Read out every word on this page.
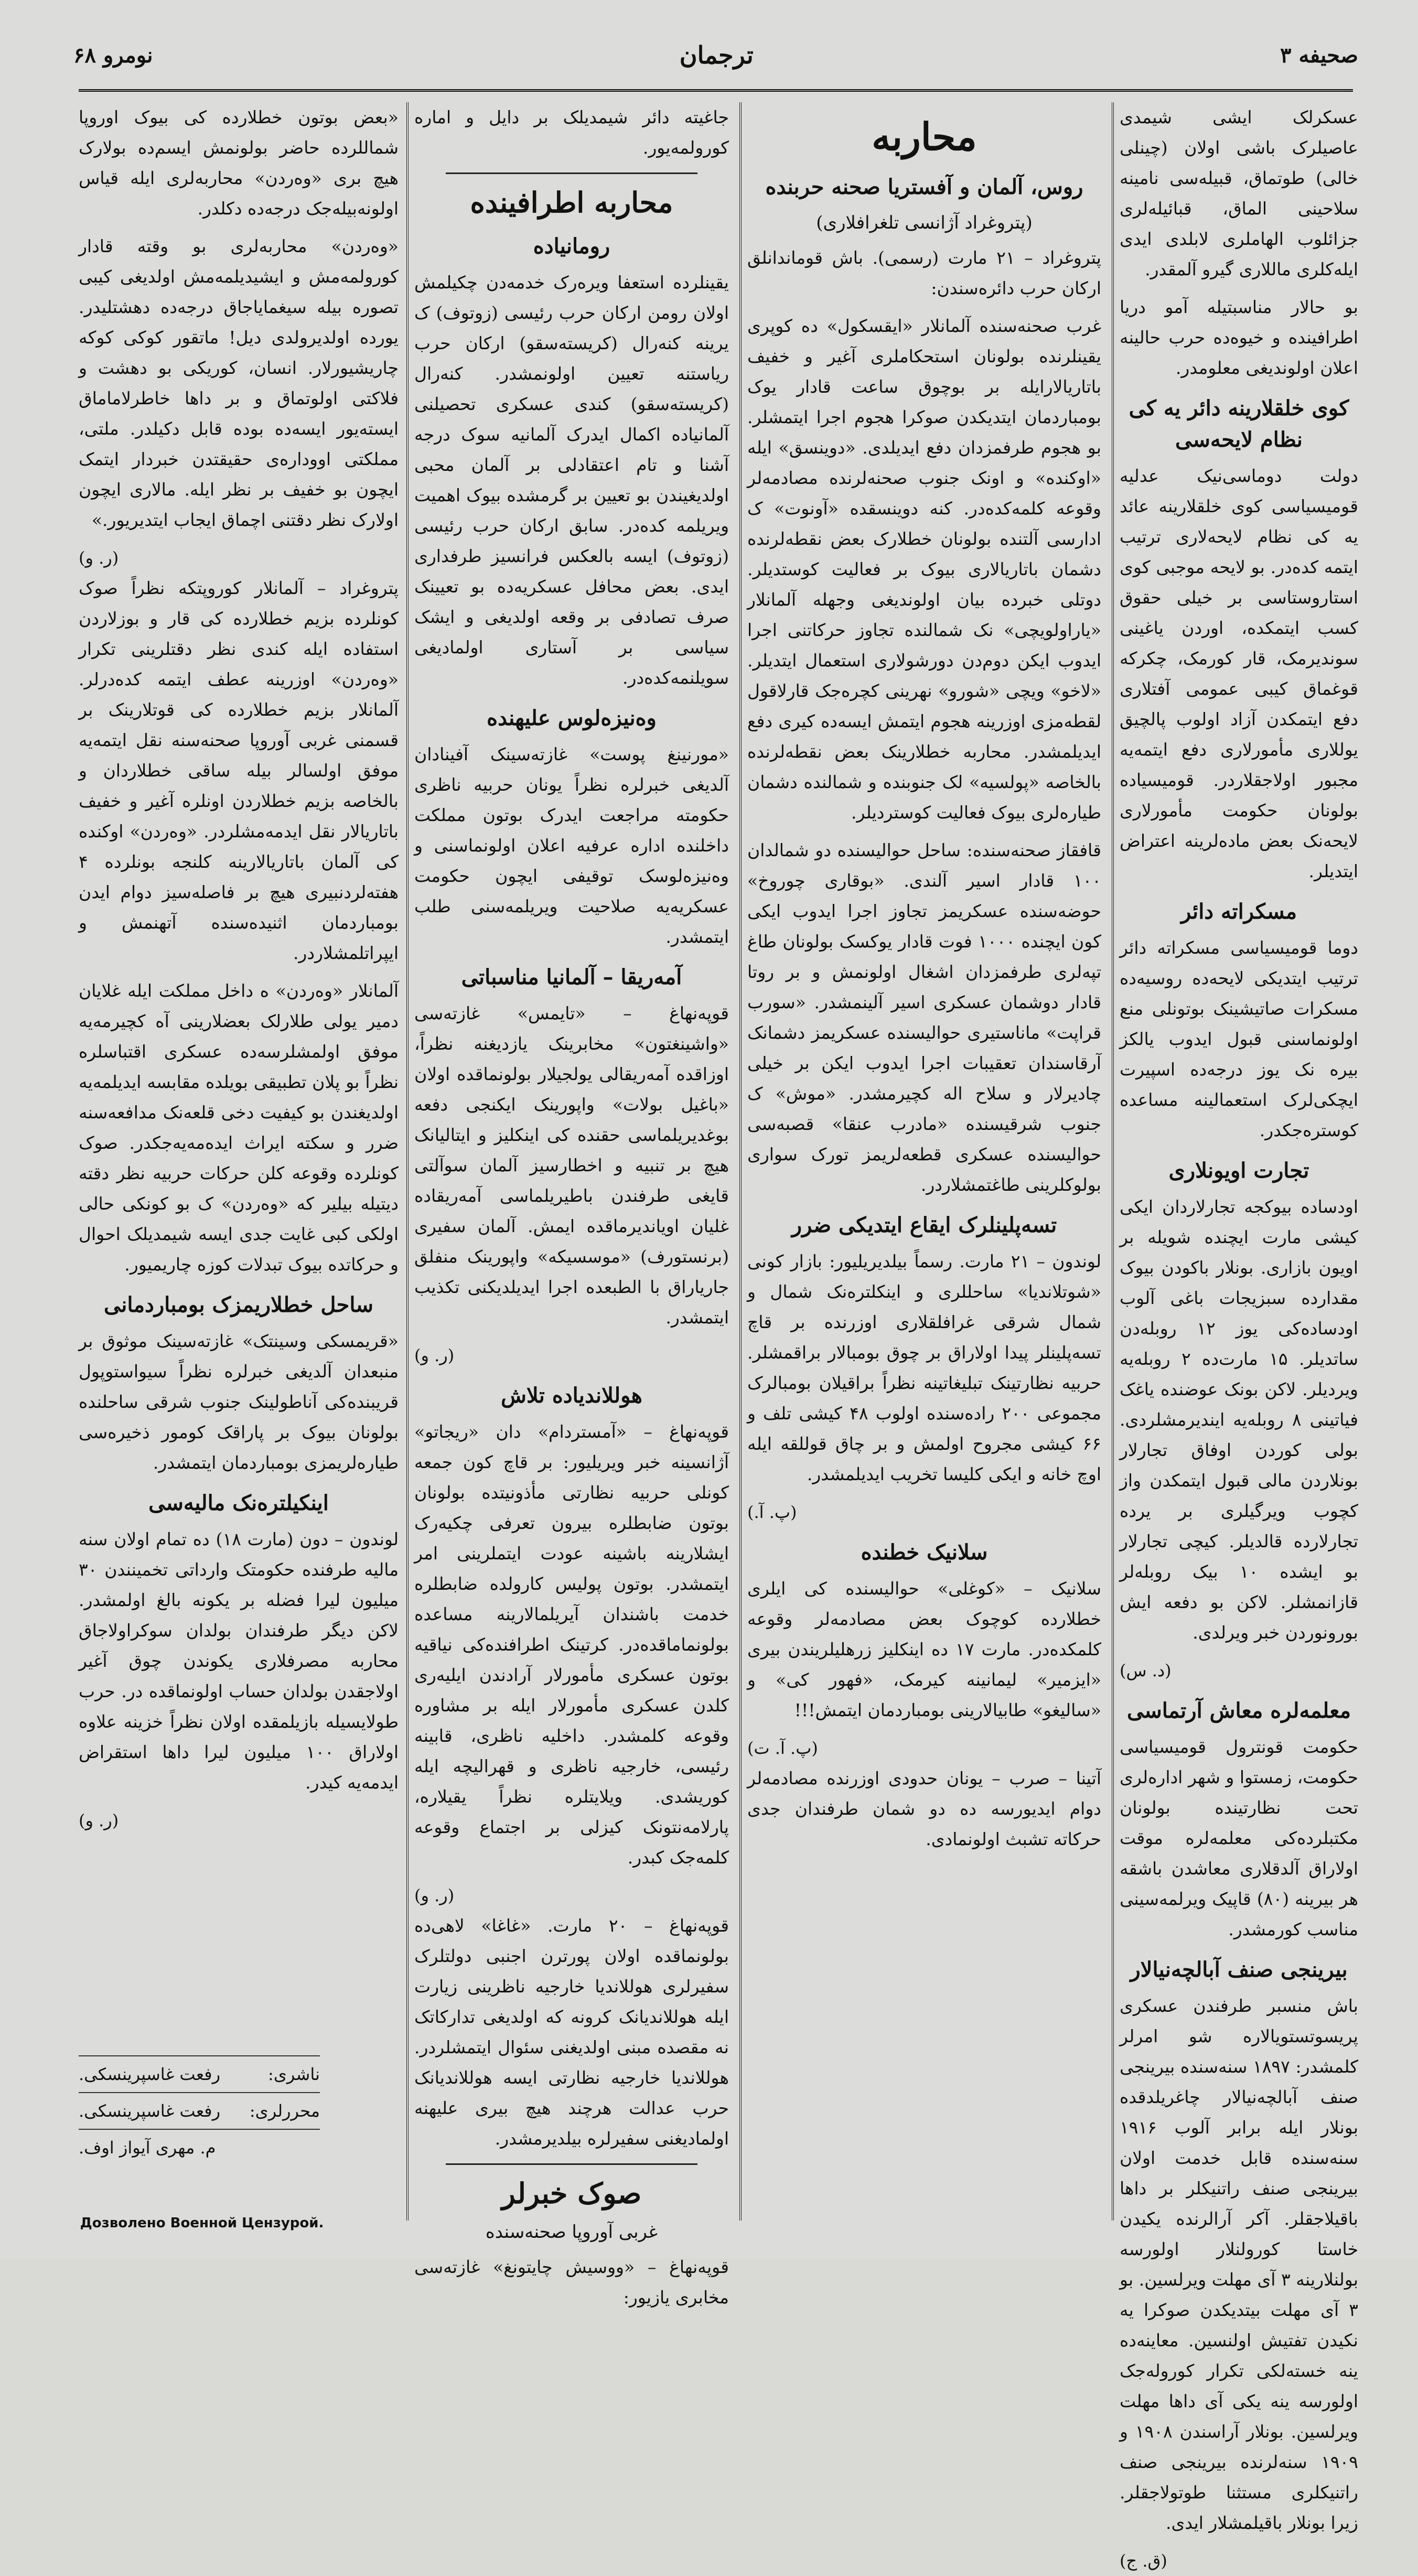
صحیفه ۳
ترجمان
نومرو ۶۸

عسکرلک ایشی شیمدی عاصیلرک باشی اولان (چینلی خالی) طوتماق، قبیله‌سی نامینه سلاحینی الماق، قبائیله‌لری جزائلوب الهاملری لابلدی ایدی ایله‌کلری ماللاری گیرو آلمقدر.

بو حالار مناسبتیله آمو دریا اطرافینده و خیوه‌ده حرب حالینه اعلان اولوندیغی معلومدر.

کوی خلقلارینه دائر یه کی نظام لایحه‌سی

دولت دوماسی‌نیک عدلیه قومیسیاسی کوی خلقلارینه عائد یه کی نظام لایحه‌لاری ترتیب ایتمه کده‌در. بو لایحه موجبی کوی استاروستاسی بر خیلی حقوق کسب ایتمکده، اوردن یاغینی سوندیرمک، قار کورمک، چکرکه قوغماق کیبی عمومی آفتلاری دفع ایتمکدن آزاد اولوب پالچیق یوللاری مأمورلاری دفع ایتمه‌یه مجبور اولاجقلاردر. قومیسیاده بولونان حکومت مأمورلاری لایحه‌نک بعض ماده‌لرینه اعتراض ایتدیلر.

مسکراته دائر

دوما قومیسیاسی مسکراته دائر ترتیب ایتدیکی لایحه‌ده روسیه‌ده مسکرات صاتیشینک بوتونلی منع اولونماسنی قبول ایدوب یالکز بیره نک یوز درجه‌ده اسپیرت ایچکی‌لرک استعمالینه مساعده کوستره‌جکدر.

تجارت اویونلاری

اودساده بیوکجه تجارلاردان ایکی کیشی مارت ایچنده شویله بر اویون بازاری. بونلار باکو‌دن بیوک مقدارده سبزیجات باغی آلوب اودساده‌کی یوز ۱۲ روبله‌دن ساتدیلر. ۱۵ مارت‌ده ۲ روبله‌یه ویردیلر. لاکن بونک عوضنده یاغک فیاتینی ۸ روبله‌یه ایندیرمشلردی. بولی کوردن اوفاق تجارلار بونلاردن مالی قبول ایتمکدن واز کچوب ویرگیلری بر یرده تجارلارده قالدیلر. کیچی تجارلار بو ایشده ۱۰ بیک روبله‌لر قازانمشلر. لاکن بو دفعه ایش بورونوردن خبر ویرلدی.

(د. س)
معلمه‌لره معاش آرتماسی

حکومت قونترول قومیسیاسی حکومت، زمستوا و شهر اداره‌لری تحت نظارتینده بولونان مکتبلرده‌کی معلمه‌لره موقت اولاراق آلدقلاری معاشدن باشقه هر بیرینه (۸۰) قاپیک ویرلمه‌سینی مناسب کورمشدر.

بیرینجی صنف آبالچه‌نیالار

باش منسبر طرفندن عسکری پریسوتستویالاره شو امرلر کلمشدر: ۱۸۹۷ سنه‌سنده بیرینجی صنف آبالچه‌نیالار چاغریلدقده بونلار ایله برابر آلوب ۱۹۱۶ سنه‌سنده قابل خدمت اولان بیرینجی صنف راتنیکلر بر داها باقیلاجقلر. آکر آرالرنده یکیدن خاستا کورولنلار اولورسه بولنلارینه ۳ آی مهلت ویرلسین. بو ۳ آی مهلت بیتدیکدن صوکرا یه نکیدن تفتیش اولنسین. معاینه‌ده ینه خسته‌لکی تکرار کوروله‌جک اولورسه ینه یکی آی داها مهلت ویرلسین. بونلار آراسندن ۱۹۰۸ و ۱۹۰۹ سنه‌لرنده بیرینجی صنف راتنیکلری مستثنا طوتولاجقلر. زیرا بونلار باقیلمشلار ایدی.

(ق. ج)
محاربه
روس، آلمان و آفستریا صحنه حربنده
(پتروغراد آژانسی تلغرافلاری)

پتروغراد – ۲۱ مارت (رسمی). باش قوماندانلق ارکان حرب دائره‌سندن:

غرب صحنه‌سنده آلمانلار «ایقسکول» ده کوپری یقینلرنده بولونان استحکاملری آغیر و خفیف باتاریالارایله بر بوچوق ساعت قادار یوک بومباردمان ایتدیکدن صوکرا هجوم اجرا ایتمشلر. بو هجوم طرفمزدان دفع ایدیلدی. «دوینسق» ایله «اوکنده» و اونک جنوب صحنه‌لرنده مصادمه‌لر وقوعه کلمه‌کده‌در. کنه دوینسقده «آونوت» ک ادارسی آلتنده بولونان خطلارک بعض نقطه‌لرنده دشمان باتاریالاری بیوک بر فعالیت کوستدیلر. دوتلی خبرده بیان اولوندیغی وجهله آلمانلار «یاراولویچی» نک شمالنده تجاوز حرکاتنی اجرا ایدوب ایکن دوم‌دن دورشولاری استعمال ایتدیلر. «لاخو» ویچی «شورو» نهرینی کچره‌جک قارلاقول لقطه‌مزی اوزرینه هجوم ایتمش ایسه‌ده کیری دفع ایدیلمشدر. محاربه خطلارینک بعض نقطه‌لرنده بالخاصه «پولسیه» لک جنوبنده و شمالنده دشمان طیاره‌لری بیوک فعالیت کوستردیلر.

قافقاز صحنه‌سنده: ساحل حوالیسنده دو شمالدان ۱۰۰ قادار اسیر آلندی. «بوقاری چوروخ» حوضه‌سنده عسکریمز تجاوز اجرا ایدوب ایکی کون ایچنده ۱۰۰۰ فوت قادار یوکسک بولونان طاغ تپه‌لری طرفمزدان اشغال اولونمش و بر روتا قادار دوشمان عسکری اسیر آلینمشدر. «سورب قراپت» ماناستیری حوالیسنده عسکریمز دشمانک آرقاسندان تعقیبات اجرا ایدوب ایکن بر خیلی چادیرلار و سلاح اله کچیرمشدر. «موش» ک جنوب شرقیسنده «مادرب عنقا» قصبه‌سی حوالیسنده عسکری قطعه‌لریمز تورک سواری بولوکلرینی طاغتمشلاردر.

تسه‌پلینلرک ایقاع ایتدیکی ضرر

لوندون – ۲۱ مارت. رسماً بیلدیریلیور: بازار کونی «شوتلاندیا» ساحللری و اینکلتره‌نک شمال و شمال شرقی غرافلقلاری اوزرنده بر قاچ تسه‌پلینلر پیدا اولاراق بر چوق بومبالار براقمشلر. حربیه نظارتینک تبلیغاتینه نظراً براقیلان بومبالرک مجموعی ۲۰۰ راده‌سنده اولوب ۴۸ کیشی تلف و ۶۶ کیشی مجروح اولمش و بر چاق قوللقه ایله اوچ خانه و ایکی کلیسا تخریب ایدیلمشدر.

(پ. آ.)
سلانیک خطنده

سلانیک – «کوغلی» حوالیسنده کی ایلری خطلارده کوچوک بعض مصادمه‌لر وقوعه کلمکده‌در. مارت ۱۷ ده اینکلیز زرهلیلریندن بیری «ایزمیر» لیمانینه کیرمک، «فهور کی» و «سالیغو» طابیالارینی بومباردمان ایتمش!!!

(پ. آ. ت)

آتینا – صرب – یونان حدودی اوزرنده مصادمه‌لر دوام ایدیورسه ده دو شمان طرفندان جدی حرکاته تشبث اولونمادی.

جاغیته دائر شیمدیلک بر دایل و اماره کورولمه‌یور.

محاربه اطرافینده
رومانیاده

یقینلرده استعفا ویره‌رک خدمه‌دن چکیلمش اولان رومن ارکان حرب رئیسی (زوتوف) ک یرینه کنه‌رال (کریسته‌سقو) ارکان حرب ریاستنه تعیین اولونمشدر. کنه‌رال (کریسته‌سقو) کندی عسکری تحصیلنی آلمانیاده اکمال ایدرک آلمانیه سوک درجه آشنا و تام اعتقادلی بر آلمان محبی اولدیغیندن بو تعیین بر گرمشده بیوک اهمیت ویریلمه کده‌در. سابق ارکان حرب رئیسی (زوتوف) ایسه بالعکس فرانسیز طرفداری ایدی. بعض محافل عسکریه‌ده بو تعیینک صرف تصادفی بر وقعه اولدیغی و ایشک سیاسی بر آستاری اولمادیغی سویلنمه‌کده‌در.

وه‌نیزه‌لوس علیهنده

«مورنینغ پوست» غازته‌سینک آفینادان آلدیغی خبرلره نظراً یونان حربیه ناظری حکومته مراجعت ایدرک بوتون مملکت داخلنده اداره عرفیه اعلان اولونماسنی و وه‌نیزه‌لوسک توقیفی ایچون حکومت عسکریه‌یه صلاحیت ویریلمه‌سنی طلب ایتمشدر.

آمه‌ریقا – آلمانیا مناسباتی

قوپه‌نهاغ – «تایمس» غازته‌سی «واشینغتون» مخابرینک یازدیغنه نظراً، اوزاقده آمه‌ریقالی یولجیلار بولونماقده اولان «باغیل بولات» واپورینک ایکنجی دفعه بوغدیریلماسی حقنده کی اینکلیز و ایتالیانک هیچ بر تنبیه و اخطارسیز آلمان سوآلتی قایغی طرفندن باطیریلماسی آمه‌ریقاده غلیان اویاندیرماقده ایمش. آلمان سفیری (برنستورف) «موسسیکه» واپورینک منفلق جاریاراق با الطبعده اجرا ایدیلدیکنی تکذیب ایتمشدر.

(ر. و)
هوللاندیاده تلاش

قوپه‌نهاغ – «آمستردام» دان «ریجاتو» آژانسینه خبر ویریلیور: بر قاچ کون جمعه کونلی حربیه نظارتی مأذونیتده بولونان بوتون ضابطلره بیرون تعرفی چکیه‌رک ایشلارینه باشینه عودت ایتملرینی امر ایتمشدر. بوتون پولیس کارولده ضابطلره خدمت باشندان آیریلمالارینه مساعده بولونماماقده‌در. کرتینک اطرافنده‌کی نیاقیه بوتون عسکری مأمورلار آرادندن ایلیه‌ری کلدن عسکری مأمورلار ایله بر مشاوره وقوعه کلمشدر. داخلیه ناظری، قابینه رئیسی، خارجیه ناظری و قهرالیچه ایله کوریشدی. ویلایتلره نظراً یقیلاره، پارلامه‌نتونک کیزلی بر اجتماع وقوعه کلمه‌جک کبدر.

(ر. و)

قوپه‌نهاغ – ۲۰ مارت. «غاغا» لاهی‌ده بولونماقده اولان پورترن اجنبی دولتلرک سفیرلری هوللاندیا خارجیه ناظرینی زیارت ایله هوللاندیانک کرونه که اولدیغی تدارکاتک نه مقصده مبنی اولدیغنی سئوال ایتمشلردر. هوللاندیا خارجیه نظارتی ایسه هوللاندیانک حرب عدالت هرچند هیچ بیری علیهنه اولمادیغنی سفیرلره بیلدیرمشدر.

صوک خبرلر
غربی آوروپا صحنه‌سنده

قوپه‌نهاغ – «ووسیش چایتونغ» غازته‌سی مخابری یازیور:

«بعض بوتون خطلارده کی بیوک اوروپا شماللرده حاضر بولونمش ایسم‌ده بولارک هیچ بری «وه‌ردن» محاربه‌لری ایله قیاس اولونه‌بیله‌جک درجه‌ده دکلدر.

«وه‌ردن» محاربه‌لری بو وقته قادار کورولمه‌مش و ایشیدیلمه‌مش اولدیغی کیبی تصوره بیله سیغمایاجاق درجه‌ده دهشتلیدر. یورده اولدیرولدی دیل! ماتقور کوکی کوکه چاریشیورلار. انسان، کوریکی بو دهشت و فلاکتی اولوتماق و بر داها خاطرلاماماق ایسته‌یور ایسه‌ده بوده قابل دکیلدر. ملتی، مملکتی اووداره‌ی حقیقتدن خبردار ایتمک ایچون بو خفیف بر نظر ایله. مالاری ایچون اولارک نظر دقتنی اچماق ایجاب ایتدیریور.»

(ر. و)

پتروغراد – آلمانلار کوروپتکه نظراً صوک کونلرده بزیم خطلارده کی قار و بوزلاردن استفاده ایله کندی نظر دقتلرینی تکرار «وه‌ردن» اوزرینه عطف ایتمه کده‌درلر. آلمانلار بزیم خطلارده کی قوتلارینک بر قسمنی غربی آوروپا صحنه‌سنه نقل ایتمه‌یه موفق اولسالر بیله ساقی خطلاردان و بالخاصه بزیم خطلاردن اونلره آغیر و خفیف باتاریالار نقل ایدمه‌مشلردر. «وه‌ردن» اوکنده کی آلمان باتاریالارینه کلنجه بونلرده ۴ هفته‌لردنبیری هیچ بر فاصله‌سیز دوام ایدن بومباردمان اثنیده‌سنده آتهنمش و ایپراتلمشلاردر.

آلمانلار «وه‌ردن» ه داخل مملکت ایله غلایان دمیر یولی طلارلک بعضلارینی آه کچیرمه‌یه موفق اولمشلرسه‌ده عسکری اقتباسلره نظراً بو پلان تطبیقی بویلده مقابسه ایدیلمه‌یه اولدیغندن بو کیفیت دخی قلعه‌نک مدافعه‌سنه ضرر و سکته ایراث ایده‌مه‌یه‌جکدر. صوک کونلرده وقوعه کلن حرکات حربیه نظر دقته دیتیله بیلیر که «وه‌ردن» ک بو کونکی حالی اولکی کبی غایت جدی ایسه شیمدیلک احوال و حرکاتده بیوک تبدلات کوزه چاریمیور.

ساحل خطلاریمزک بومباردمانی

«قریمسکی وسینتک» غازته‌سینک موثوق بر منبعدان آلدیغی خبرلره نظراً سیواستوپول قریبنده‌کی آناطولینک جنوب شرقی ساحلنده بولونان بیوک بر پاراقک کومور ذخیره‌سی طیاره‌لریمزی بومباردمان ایتمشدر.

اینکیلتره‌نک مالیه‌سی

لوندون – دون (مارت ۱۸) ده تمام اولان سنه مالیه طرفنده حکومتک وارداتی تخمینندن ۳۰ میلیون لیرا فضله بر یکونه بالغ اولمشدر. لاکن دیگر طرفندان بولدان سوکراولاجاق محاربه مصرفلاری یکوندن چوق آغیر اولاجقدن بولدان حساب اولونماقده در. حرب طولایسیله بازیلمقده اولان نظراً خزینه علاوه اولاراق ۱۰۰ میلیون لیرا داها استقراض ایدمه‌یه کیدر.

(ر. و)
ناشری:
رفعت غاسپرینسکی.
محررلری:
رفعت غاسپرینسکی.
م. مهری آیواز اوف.
Дозволено Военной Цензурой.
